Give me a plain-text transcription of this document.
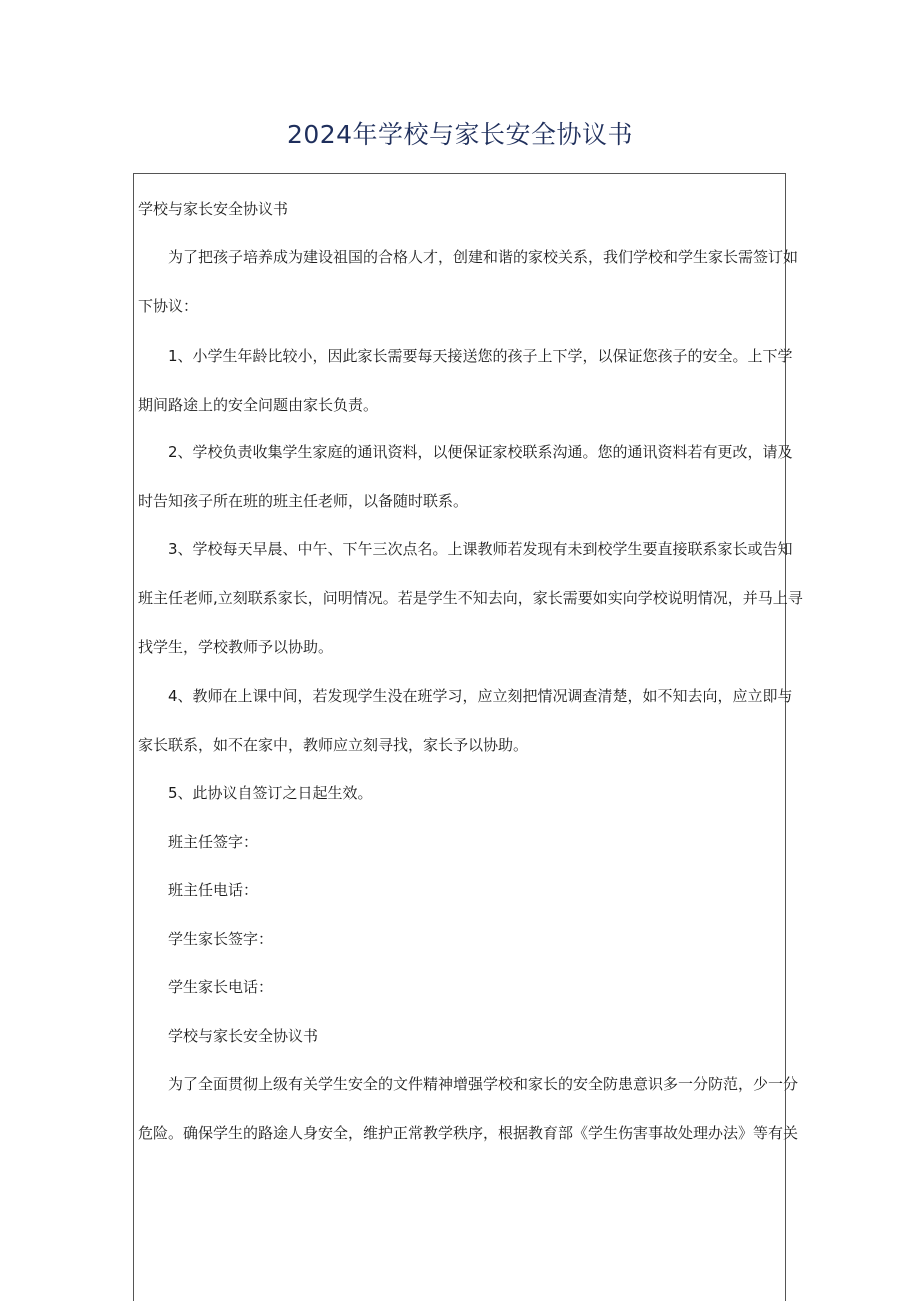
2024年学校与家长安全协议书
学校与家长安全协议书
为了把孩子培养成为建设祖国的合格人才，创建和谐的家校关系，我们学校和学生家长需签订如
下协议：
1、小学生年龄比较小，因此家长需要每天接送您的孩子上下学，以保证您孩子的安全。上下学
期间路途上的安全问题由家长负责。
2、学校负责收集学生家庭的通讯资料，以便保证家校联系沟通。您的通讯资料若有更改，请及
时告知孩子所在班的班主任老师，以备随时联系。
3、学校每天早晨、中午、下午三次点名。上课教师若发现有未到校学生要直接联系家长或告知
班主任老师,立刻联系家长，问明情况。若是学生不知去向，家长需要如实向学校说明情况，并马上寻
找学生，学校教师予以协助。
4、教师在上课中间，若发现学生没在班学习，应立刻把情况调查清楚，如不知去向，应立即与
家长联系，如不在家中，教师应立刻寻找，家长予以协助。
5、此协议自签订之日起生效。
班主任签字：
班主任电话：
学生家长签字：
学生家长电话：
学校与家长安全协议书
为了全面贯彻上级有关学生安全的文件精神增强学校和家长的安全防患意识多一分防范，少一分
危险。确保学生的路途人身安全，维护正常教学秩序，根据教育部《学生伤害事故处理办法》等有关
